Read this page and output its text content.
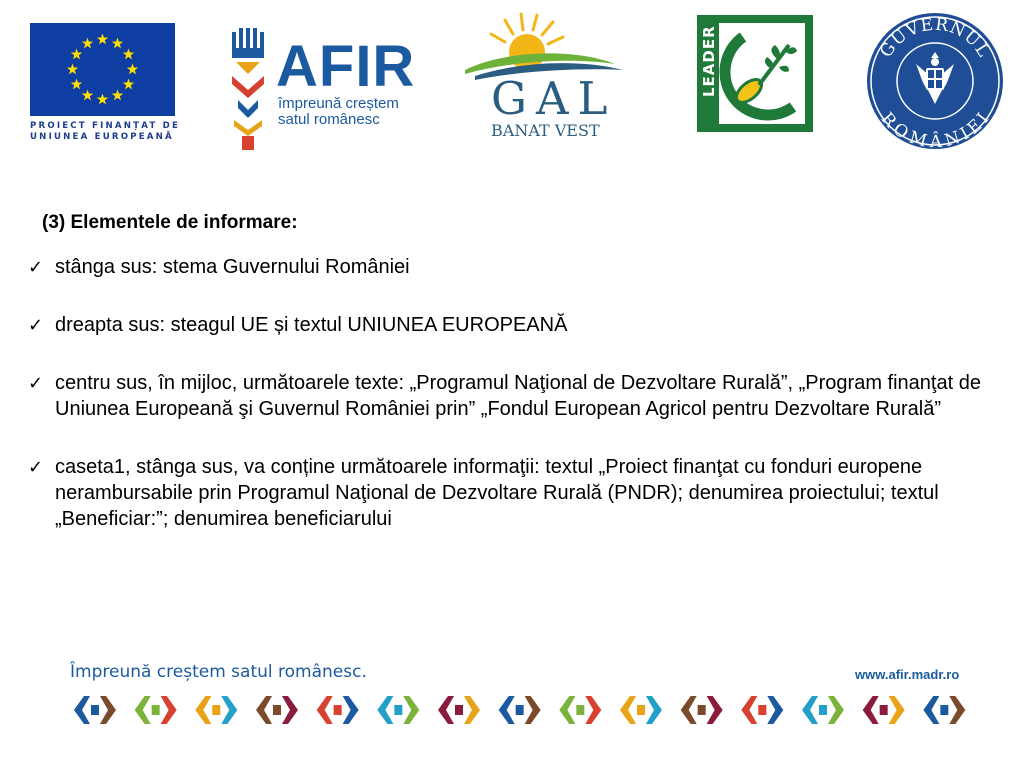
PROIECT FINANȚAT DE
UNIUNEA EUROPEANĂ
AFIR
împreună creștem
satul românesc	GAL
BANAT VEST
LEADER	GUVERNUL
ROMÂNIEI
(3) Elementele de informare:
✓ stânga sus: stema Guvernului României
✓ dreapta sus: steagul UE și textul UNIUNEA EUROPEANĂ
✓ centru sus, în mijloc, următoarele texte: „Programul Naţional de Dezvoltare Rurală”, „Program finanţat de Uniunea Europeană şi Guvernul României prin” „Fondul European Agricol pentru Dezvoltare Rurală”
✓ caseta1, stânga sus, va conține următoarele informaţii: textul „Proiect finanţat cu fonduri europene nerambursabile prin Programul Naţional de Dezvoltare Rurală (PNDR); denumirea proiectului; textul „Beneficiar:”; denumirea beneficiarului
Împreună creștem satul românesc.	www.afir.madr.ro
